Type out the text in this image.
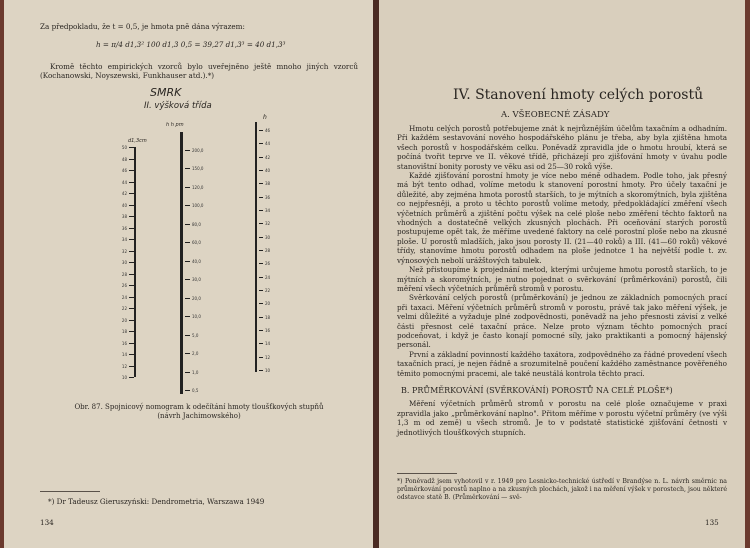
Za předpokladu, že t = 0,5, je hmota pně dána výrazem:

h = π/4 d1,3² 100 d1,3 0,5 = 39,27 d1,3³ = 40 d1,3³

Kromě těchto empirických vzorců bylo uveřejněno ještě mnoho jiných vzorců (Kochanowski, Noyszewski, Funkhauser atd.).*)

SMRK
II. výšková třída
d1,3cm
h h pm
h
50
48
46
44
42
40
38
36
34
32
30
28
26
24
22
20
18
16
14
12
10
200,0
150,0
120,0
100,0
80,0
60,0
40,0
30,0
20,0
10,0
5,0
2,0
1,0
0,5
46
44
42
40
38
36
34
32
30
28
26
24
22
20
18
16
14
12
10

Obr. 87. Spojnicový nomogram k odečítání hmoty tloušťkových stupňů

(návrh Jachimowského)

*) Dr Tadeusz Gieruszyński: Dendrometria, Warszawa 1949

134

IV. Stanovení hmoty celých porostů

A. VŠEOBECNÉ ZÁSADY

Hmotu celých porostů potřebujeme znát k nejrůznějším účelům taxačním a odhadním. Při každém sestavování nového hospodářského plánu je třeba, aby byla zjištěna hmota všech porostů v hospodářském celku. Poněvadž zpravidla jde o hmotu hroubí, která se počíná tvořit teprve ve II. věkové třídě, přicházejí pro zjišťování hmoty v úvahu podle stanovištní bonity porosty ve věku asi od 25—30 roků výše.

Každé zjišťování porostní hmoty je více nebo méně odhadem. Podle toho, jak přesný má být tento odhad, volíme metodu k stanovení porostní hmoty. Pro účely taxační je důležité, aby zejména hmota porostů starších, to je mýtních a skoromýtních, byla zjištěna co nejpřesněji, a proto u těchto porostů volíme metody, předpokládající změření všech výčetních průměrů a zjištění počtu výšek na celé ploše nebo změření těchto faktorů na vhodných a dostatečně velkých zkusných plochách. Při oceňování starých porostů postupujeme opět tak, že měříme uvedené faktory na celé porostní ploše nebo na zkusné ploše. U porostů mladších, jako jsou porosty II. (21—40 roků) a III. (41—60 roků) věkové třídy, stanovíme hmotu porostů odhadem na ploše jednotce 1 ha největší podle t. zv. výnosových nebolí urážštových tabulek.

Než přistoupíme k projednání metod, kterými určujeme hmotu porostů starších, to je mýtních a skoromýtních, je nutno pojednat o svěrkování (průměrkování) porostů, čili měření všech výčetních průměrů stromů v porostu.

Svěrkování celých porostů (průměrkování) je jednou ze základních pomocných prací při taxaci. Měření výčetních průměrů stromů v porostu, právě tak jako měření výšek, je velmi důležité a vyžaduje plné zodpovědnosti, poněvadž na jeho přesnosti závisí z velké části přesnost celé taxační práce. Nelze proto význam těchto pomocných prací podceňovat, i když je často konají pomocné síly, jako praktikanti a pomocný hájenský personál.

První a základní povinností každého taxátora, zodpovědného za řádné provedení všech taxačních prací, je nejen řádně a srozumitelně poučení každého zaměstnance pověřeného těmito pomocnými pracemi, ale také neustálá kontrola těchto prací.

B. PRŮMĚRKOVÁNÍ (SVĚRKOVÁNÍ) POROSTŮ NA CELÉ PLOŠE*)

Měření výčetních průměrů stromů v porostu na celé ploše označujeme v praxi zpravidla jako „průměrkování naplno". Přitom měříme v porostu výčetní průměry (ve výši 1,3 m od země) u všech stromů. Je to v podstatě statistické zjišťování četnosti v jednotlivých tloušťkových stupních.

*) Poněvadž jsem vyhotovil v r. 1949 pro Lesnicko-technické ústředí v Brandýse n. L. návrh směrnic na průměrkování porostů naplno a na zkusných plochách, jakož i na měření výšek v porostech, jsou některé odstavce statě B. (Průměrkování — svě-

135
